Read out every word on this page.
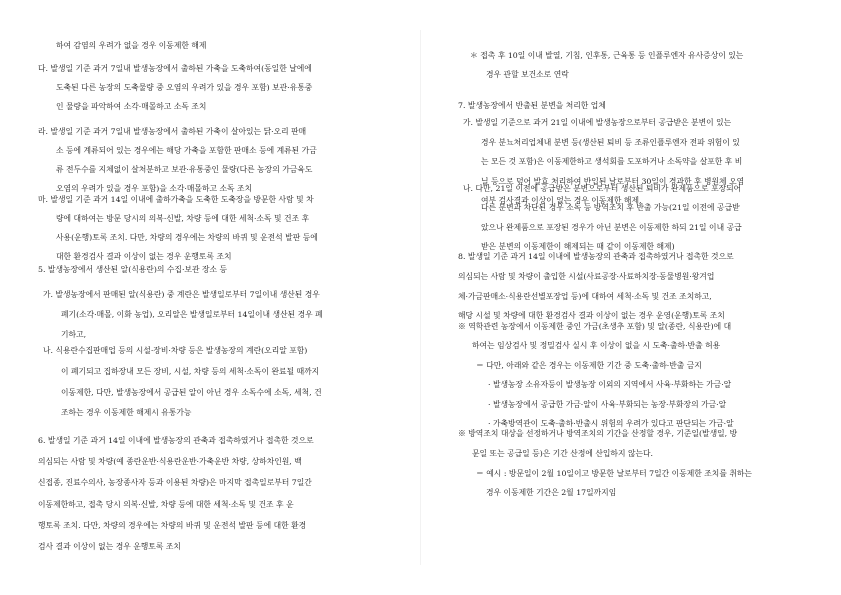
하여 감염의 우려가 없을 경우 이동제한 해제
다. 발생일 기준 과거 7일내 발생농장에서 출하된 가축을 도축하여(동일한 날에에
도축된 다른 농장의 도축물량 중 오염의 우려가 있을 경우 포함) 보관·유통중
인 물량을 파악하여 소각·매몰하고 소독 조치
라. 발생일 기준 과거 7일내 발생농장에서 출하된 가축이 살아있는 닭·오리 판매
소 등에 계류되어 있는 경우에는 해당 가축을 포함한 판매소 등에 계류된 가금
류 전두수를 지체없이 살처분하고 보관·유통중인 물량(다른 농장의 가금육도
오염의 우려가 있을 경우 포함)을 소각·매몰하고 소독 조치
마. 발생일 기준 과거 14일 이내에 출하가축을 도축한 도축장을 방문한 사람 및 차
량에 대하여는 방문 당시의 의복·신발, 차량 등에 대한 세척·소독 및 건조 후
사용(운행)토록 조치. 다만, 차량의 경우에는 차량의 바퀴 및 운전석 발판 등에
대한 환경검사 결과 이상이 없는 경우 운행토록 조치
5. 발생농장에서 생산된 알(식용란)의 수집·보관 장소 등
가. 발생농장에서 판매된 알(식용란) 중 계란은 발생일로부터 7일이내 생산된 경우
폐기(소각·매몰, 이화 농업), 오리알은 발생일로부터 14일이내 생산된 경우 폐
기하고,
나. 식용란수집판매업 등의 시설·장비·차량 등은 발생농장의 계란(오리알 포함)
이 폐기되고 집하장내 모든 장비, 시설, 차량 등의 세척·소독이 완료될 때까지
이동제한, 다만, 발생농장에서 공급된 알이 아닌 경우 소독수에 소독, 세척, 건
조하는 경우 이동제한 해제시 유통가능
6. 발생일 기준 과거 14일 이내에 발생농장의 관축과 접촉하였거나 접촉한 것으로
의심되는 사람 및 차량(예 종란운반·식용란운반·가축운반 차량, 상하차인원, 백
신접종, 진료수의사, 농장종사자 등과 이용된 차량)은 마지막 접촉일로부터 7일간
이동제한하고, 접촉 당시 의복·신발, 차량 등에 대한 세척·소독 및 건조 후 운
행토록 조치. 다만, 차량의 경우에는 차량의 바퀴 및 운전석 발판 등에 대한 환경
검사 결과 이상이 없는 경우 운행토록 조치
＊ 접촉 후 10일 이내 발열, 기침, 인후통, 근육통 등 인플루엔자 유사증상이 있는
경우 관할 보건소로 연락
7. 발생농장에서 반출된 분변을 처리한 업체
가. 발생일 기준으로 과거 21일 이내에 발생농장으로부터 공급받은 분변이 있는
경우 분뇨처리업체내 분변 등(생산된 퇴비 등 조류인플루엔자 전파 위험이 있
는 모든 것 포함)은 이동제한하고 생석회를 도포하거나 소독약을 살포한 후 비
닐 등으로 덮어 발효 처리하여 반입된 날로부터 30일이 경과한 후 병원체 오염
여부 검사결과 이상이 없는 경우 이동제한 해제,
나. 다만, 21일 이전에 공급받은 분변으로부터 생산된 퇴비가 완제품으로 포장되어
다른 분변과 차단된 경우 소독 등 방역조치 후 반출 가능(21일 이전에 공급받
았으나 완제품으로 포장된 경우가 아닌 분변은 이동제한 하되 21일 이내 공급
받은 분변의 이동제한이 해제되는 때 같이 이동제한 해제)
8. 발생일 기준 과거 14일 이내에 발생농장의 관축과 접촉하였거나 접촉한 것으로
의심되는 사람 및 차량이 출입한 시설(사료공장·사료하치장·동물병원·왕겨업
체·가금판매소·식용란선별포장업 등)에 대하여 세척·소독 및 건조 조치하고,
해당 시설 및 차량에 대한 환경검사 결과 이상이 없는 경우 운영(운행)토록 조치
※ 역학관련 농장에서 이동제한 중인 가금(초생추 포함) 및 알(종란, 식용란)에 대
하여는 임상검사 및 정밀검사 실시 후 이상이 없을 시 도축·출하·반출 허용
＝ 다만, 아래와 같은 경우는 이동제한 기간 중 도축·출하·반출 금지
· 발생농장 소유자등이 발생농장 이외의 지역에서 사육·부화하는 가금·알
· 발생농장에서 공급한 가금·알이 사육·부화되는 농장·부화장의 가금·알
· 가축방역관이 도축·출하·반출시 위험의 우려가 있다고 판단되는 가금·알
※ 방역조치 대상을 선정하거나 방역조치의 기간을 산정할 경우, 기준일(발생일, 방
문일 또는 공급일 등)은 기간 산정에 산입하지 않는다.
＝ 예시 : 방문일이 2월 10일이고 방문한 날로부터 7일간 이동제한 조치를 취하는
경우 이동제한 기간은 2월 17일까지임
